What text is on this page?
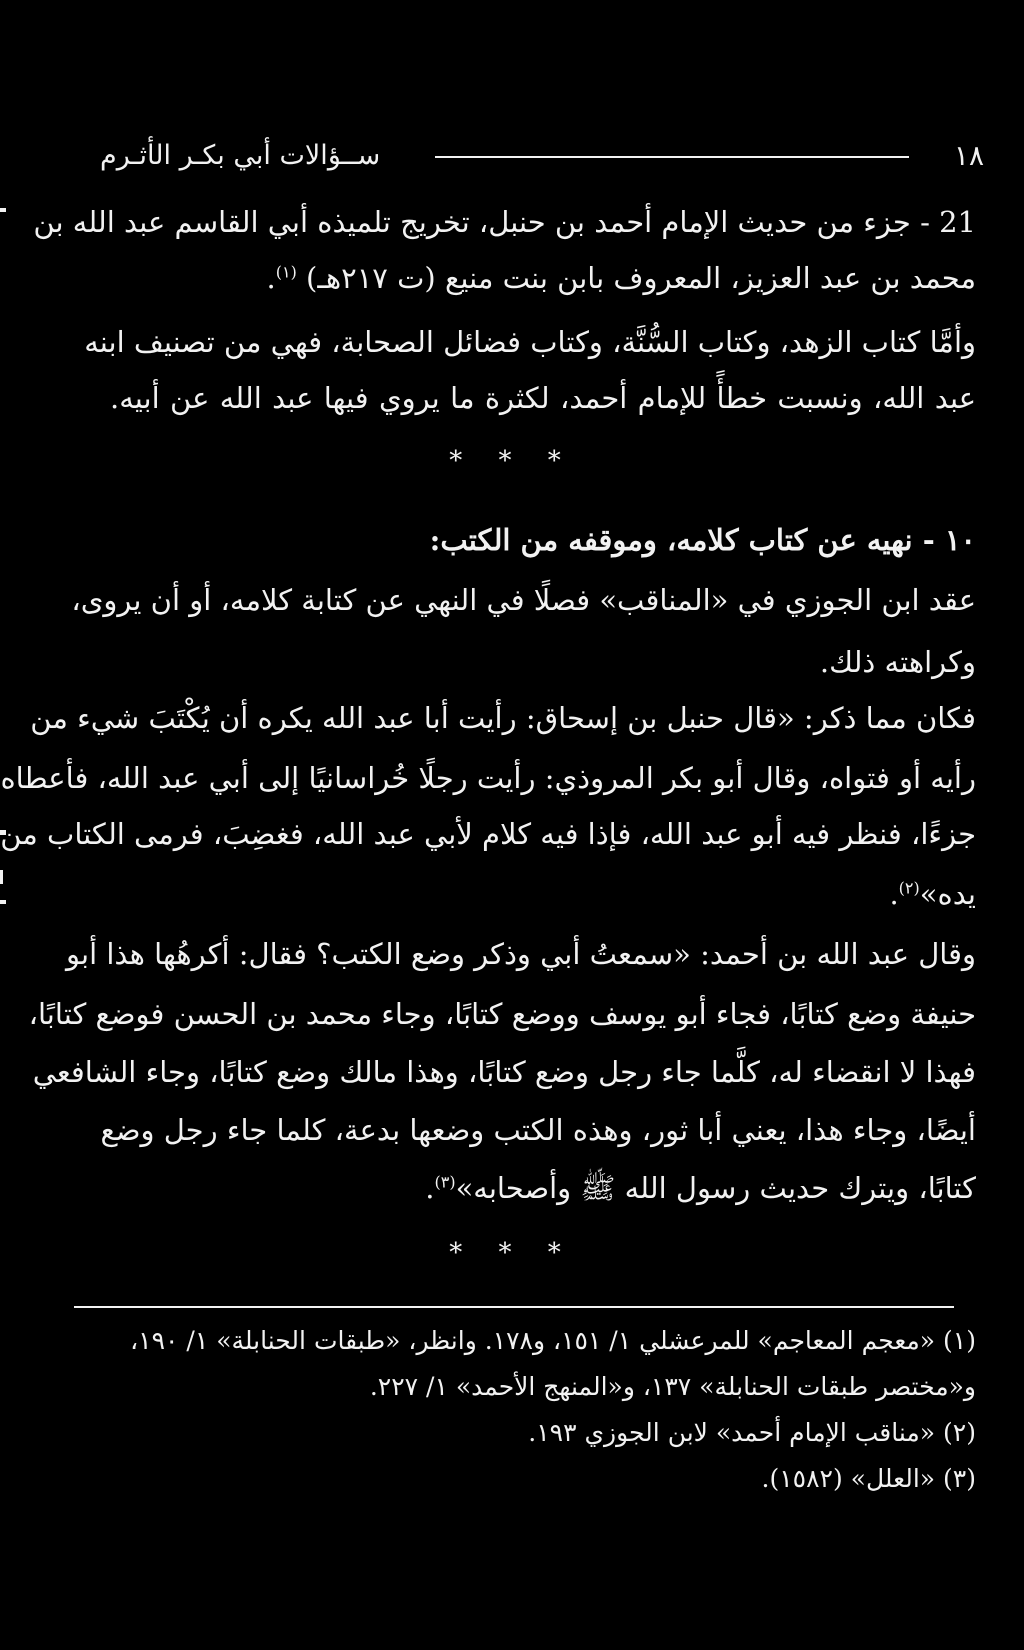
١٨
ســؤالات أبي بكـر الأثـرم
21 - جزء من حديث الإمام أحمد بن حنبل، تخريج تلميذه أبي القاسم عبد الله بن
محمد بن عبد العزيز، المعروف بابن بنت منيع (ت ٢١٧هـ) $^{(١)}$.
وأمَّا كتاب الزهد، وكتاب السُّنَّة، وكتاب فضائل الصحابة، فهي من تصنيف ابنه
عبد الله، ونسبت خطأً للإمام أحمد، لكثرة ما يروي فيها عبد الله عن أبيه.
* * *
١٠ - نهيه عن كتاب كلامه، وموقفه من الكتب:
عقد ابن الجوزي في «المناقب» فصلًا في النهي عن كتابة كلامه، أو أن يروى،
وكراهته ذلك.
فكان مما ذكر: «قال حنبل بن إسحاق: رأيت أبا عبد الله يكره أن يُكْتَبَ شيء من
رأيه أو فتواه، وقال أبو بكر المروذي: رأيت رجلًا خُراسانيًا إلى أبي عبد الله، فأعطاه
جزءًا، فنظر فيه أبو عبد الله، فإذا فيه كلام لأبي عبد الله، فغضِبَ، فرمى الكتاب من
يده»$^{(٢)}$.
وقال عبد الله بن أحمد: «سمعتُ أبي وذكر وضع الكتب؟ فقال: أكرهُها هذا أبو
حنيفة وضع كتابًا، فجاء أبو يوسف ووضع كتابًا، وجاء محمد بن الحسن فوضع كتابًا،
فهذا لا انقضاء له، كلَّما جاء رجل وضع كتابًا، وهذا مالك وضع كتابًا، وجاء الشافعي
أيضًا، وجاء هذا، يعني أبا ثور، وهذه الكتب وضعها بدعة، كلما جاء رجل وضع
كتابًا، ويترك حديث رسول الله ﷺ وأصحابه»$^{(٣)}$.
* * *
(١) «معجم المعاجم» للمرعشلي ١/ ١٥١، و١٧٨. وانظر، «طبقات الحنابلة» ١/ ١٩٠،
و«مختصر طبقات الحنابلة» ١٣٧، و«المنهج الأحمد» ١/ ٢٢٧.
(٢) «مناقب الإمام أحمد» لابن الجوزي ١٩٣.
(٣) «العلل» (١٥٨٢).
